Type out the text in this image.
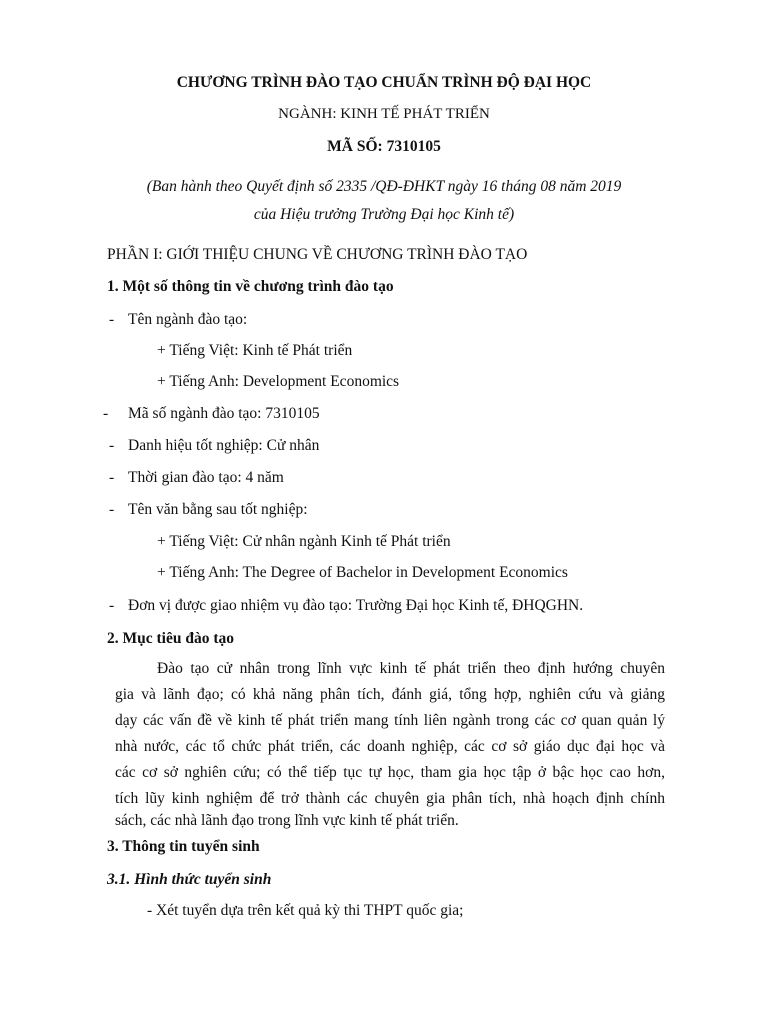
CHƯƠNG TRÌNH ĐÀO TẠO CHUẨN TRÌNH ĐỘ ĐẠI HỌC
NGÀNH: KINH TẾ PHÁT TRIỂN
MÃ SỐ: 7310105
(Ban hành theo Quyết định số 2335 /QĐ-ĐHKT ngày 16 tháng 08 năm 2019
của Hiệu trưởng Trường Đại học Kinh tế)
PHẦN I: GIỚI THIỆU CHUNG VỀ CHƯƠNG TRÌNH ĐÀO TẠO
1. Một số thông tin về chương trình đào tạo
- Tên ngành đào tạo:
+ Tiếng Việt: Kinh tế Phát triển
+ Tiếng Anh: Development Economics
- Mã số ngành đào tạo: 7310105
- Danh hiệu tốt nghiệp: Cử nhân
- Thời gian đào tạo: 4 năm
- Tên văn bằng sau tốt nghiệp:
+ Tiếng Việt: Cử nhân ngành Kinh tế Phát triển
+ Tiếng Anh: The Degree of Bachelor in Development Economics
- Đơn vị được giao nhiệm vụ đào tạo: Trường Đại học Kinh tế, ĐHQGHN.
2. Mục tiêu đào tạo
Đào tạo cử nhân trong lĩnh vực kinh tế phát triển theo định hướng chuyên
gia và lãnh đạo; có khả năng phân tích, đánh giá, tổng hợp, nghiên cứu và giảng
dạy các vấn đề về kinh tế phát triển mang tính liên ngành trong các cơ quan quản lý
nhà nước, các tổ chức phát triển, các doanh nghiệp, các cơ sở giáo dục đại học và
các cơ sở nghiên cứu; có thể tiếp tục tự học, tham gia học tập ở bậc học cao hơn,
tích lũy kinh nghiệm để trở thành các chuyên gia phân tích, nhà hoạch định chính
sách, các nhà lãnh đạo trong lĩnh vực kinh tế phát triển.
3. Thông tin tuyển sinh
3.1. Hình thức tuyển sinh
- Xét tuyển dựa trên kết quả kỳ thi THPT quốc gia;
